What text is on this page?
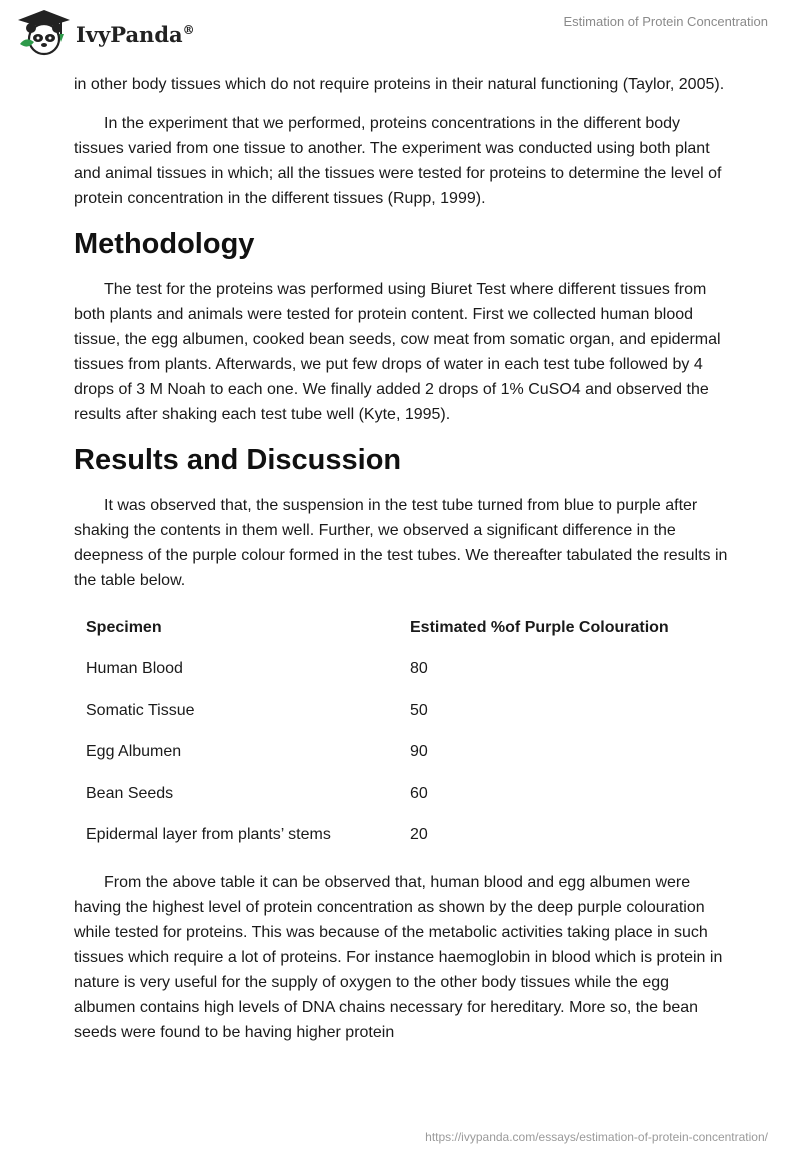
IvyPanda®
Estimation of Protein Concentration

in other body tissues which do not require proteins in their natural functioning (Taylor, 2005).

In the experiment that we performed, proteins concentrations in the different body tissues varied from one tissue to another. The experiment was conducted using both plant and animal tissues in which; all the tissues were tested for proteins to determine the level of protein concentration in the different tissues (Rupp, 1999).

Methodology

The test for the proteins was performed using Biuret Test where different tissues from both plants and animals were tested for protein content. First we collected human blood tissue, the egg albumen, cooked bean seeds, cow meat from somatic organ, and epidermal tissues from plants. Afterwards, we put few drops of water in each test tube followed by 4 drops of 3 M Noah to each one. We finally added 2 drops of 1% CuSO4 and observed the results after shaking each test tube well (Kyte, 1995).

Results and Discussion

It was observed that, the suspension in the test tube turned from blue to purple after shaking the contents in them well. Further, we observed a significant difference in the deepness of the purple colour formed in the test tubes. We thereafter tabulated the results in the table below.

Specimen	Estimated %of Purple Colouration
Human Blood	80
Somatic Tissue	50
Egg Albumen	90
Bean Seeds	60
Epidermal layer from plants’ stems	20

From the above table it can be observed that, human blood and egg albumen were having the highest level of protein concentration as shown by the deep purple colouration while tested for proteins. This was because of the metabolic activities taking place in such tissues which require a lot of proteins. For instance haemoglobin in blood which is protein in nature is very useful for the supply of oxygen to the other body tissues while the egg albumen contains high levels of DNA chains necessary for hereditary. More so, the bean seeds were found to be having higher protein

https://ivypanda.com/essays/estimation-of-protein-concentration/
